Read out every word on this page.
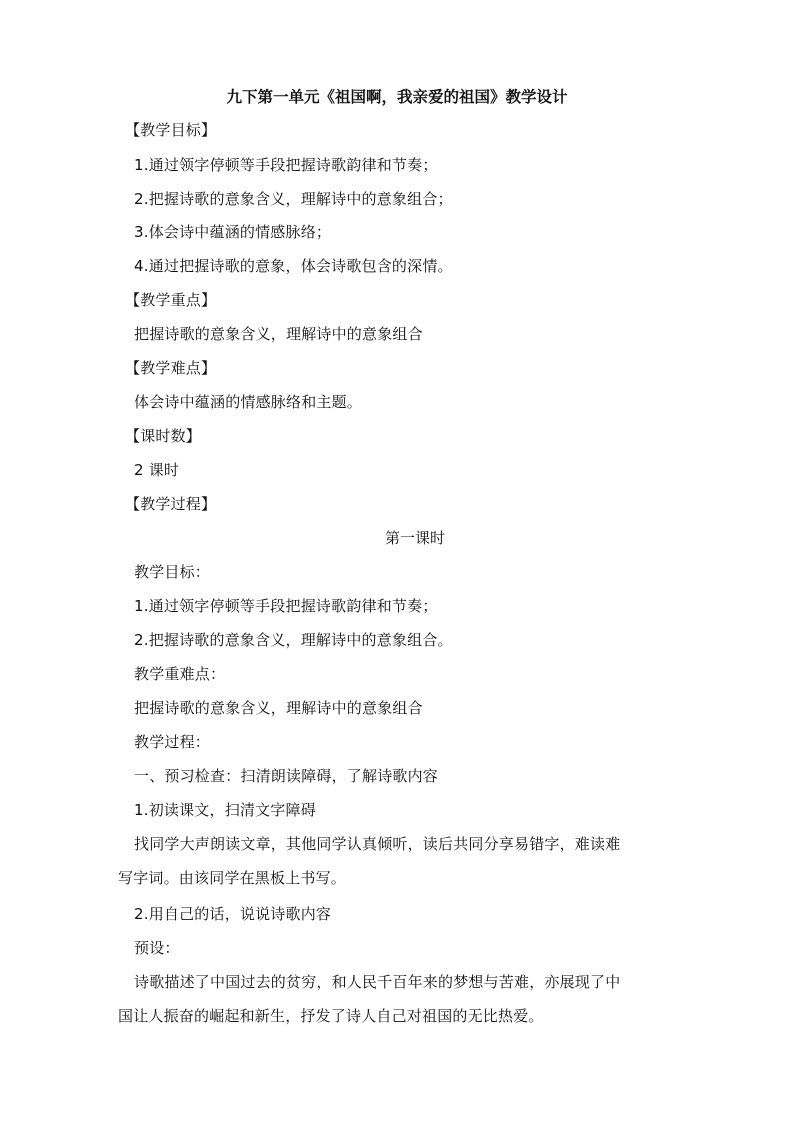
九下第一单元《祖国啊，我亲爱的祖国》教学设计
【教学目标】
1.通过领字停顿等手段把握诗歌韵律和节奏；
2.把握诗歌的意象含义，理解诗中的意象组合；
3.体会诗中蕴涵的情感脉络；
4.通过把握诗歌的意象，体会诗歌包含的深情。
【教学重点】
把握诗歌的意象含义，理解诗中的意象组合
【教学难点】
体会诗中蕴涵的情感脉络和主题。
【课时数】
2 课时
【教学过程】
第一课时
教学目标：
1.通过领字停顿等手段把握诗歌韵律和节奏；
2.把握诗歌的意象含义，理解诗中的意象组合。
教学重难点：
把握诗歌的意象含义，理解诗中的意象组合
教学过程：
一、预习检查：扫清朗读障碍，了解诗歌内容
1.初读课文，扫清文字障碍
找同学大声朗读文章，其他同学认真倾听，读后共同分享易错字，难读难
写字词。由该同学在黑板上书写。
2.用自己的话，说说诗歌内容
预设：
诗歌描述了中国过去的贫穷，和人民千百年来的梦想与苦难，亦展现了中
国让人振奋的崛起和新生，抒发了诗人自己对祖国的无比热爱。
